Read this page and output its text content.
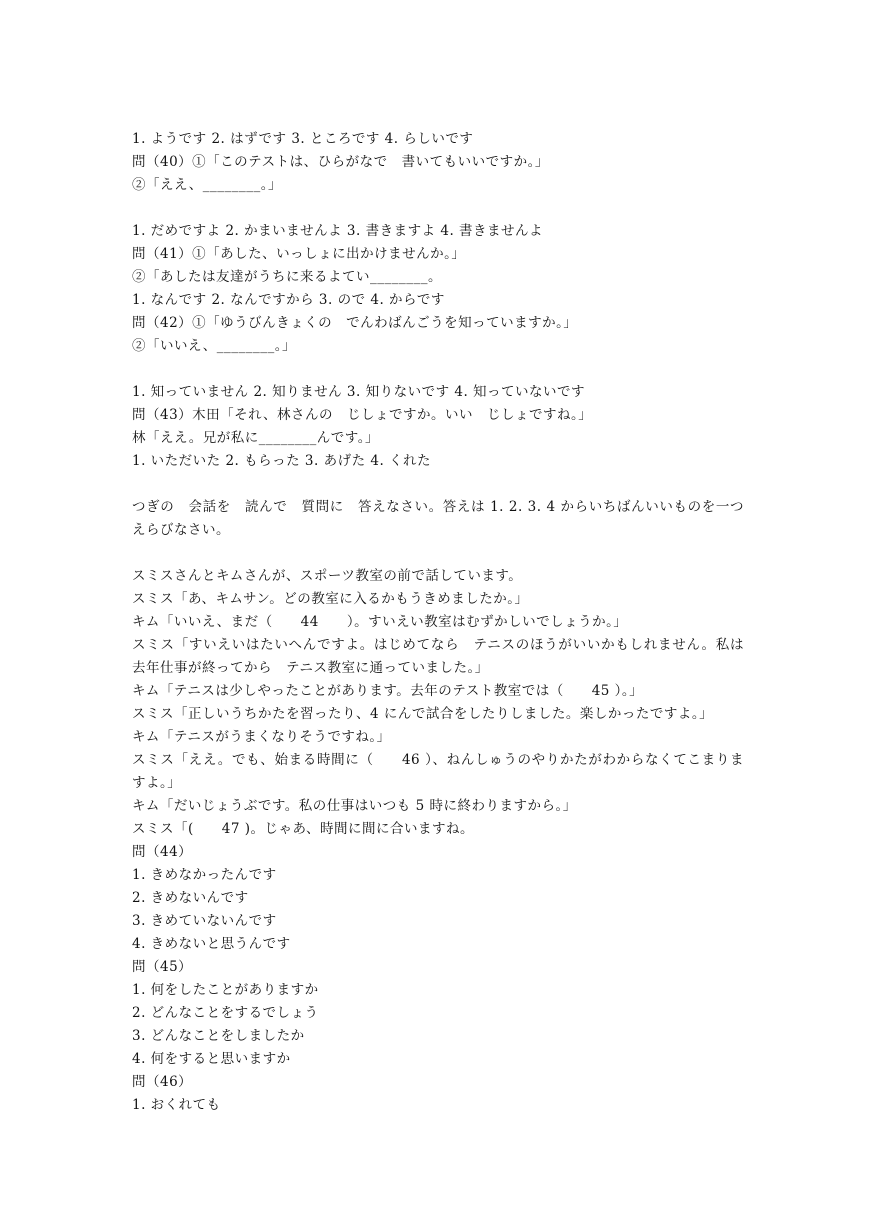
1. ようです 2. はずです 3. ところです 4. らしいです
問（40）①「このテストは、ひらがなで　書いてもいいですか。」
②「ええ、________。」
1. だめですよ 2. かまいませんよ 3. 書きますよ 4. 書きませんよ
問（41）①「あした、いっしょに出かけませんか。」
②「あしたは友達がうちに来るよてい________。
1. なんです 2. なんですから 3. ので 4. からです
問（42）①「ゆうびんきょくの　でんわばんごうを知っていますか。」
②「いいえ、________。」
1. 知っていません 2. 知りません 3. 知りないです 4. 知っていないです
問（43）木田「それ、林さんの　じしょですか。いい　じしょですね。」
林「ええ。兄が私に________んです。」
1. いただいた 2. もらった 3. あげた 4. くれた
つぎの　会話を　読んで　質問に　答えなさい。答えは 1. 2. 3. 4 からいちばんいいものを一つえらびなさい。
スミスさんとキムさんが、スポーツ教室の前で話しています。
スミス「あ、キムサン。どの教室に入るかもうきめましたか。」
キム「いいえ、まだ（　　44　　）。すいえい教室はむずかしいでしょうか。」
スミス「すいえいはたいへんですよ。はじめてなら　テニスのほうがいいかもしれません。私は去年仕事が終ってから　テニス教室に通っていました。」
キム「テニスは少しやったことがあります。去年のテスト教室では（　　45 ）。」
スミス「正しいうちかたを習ったり、4 にんで試合をしたりしました。楽しかったですよ。」
キム「テニスがうまくなりそうですね。」
スミス「ええ。でも、始まる時間に（　　46 ）、ねんしゅうのやりかたがわからなくてこまりますよ。」
キム「だいじょうぶです。私の仕事はいつも 5 時に終わりますから。」
スミス「(　　47 )。じゃあ、時間に間に合いますね。
問（44）
1. きめなかったんです
2. きめないんです
3. きめていないんです
4. きめないと思うんです
問（45）
1. 何をしたことがありますか
2. どんなことをするでしょう
3. どんなことをしましたか
4. 何をすると思いますか
問（46）
1. おくれても
